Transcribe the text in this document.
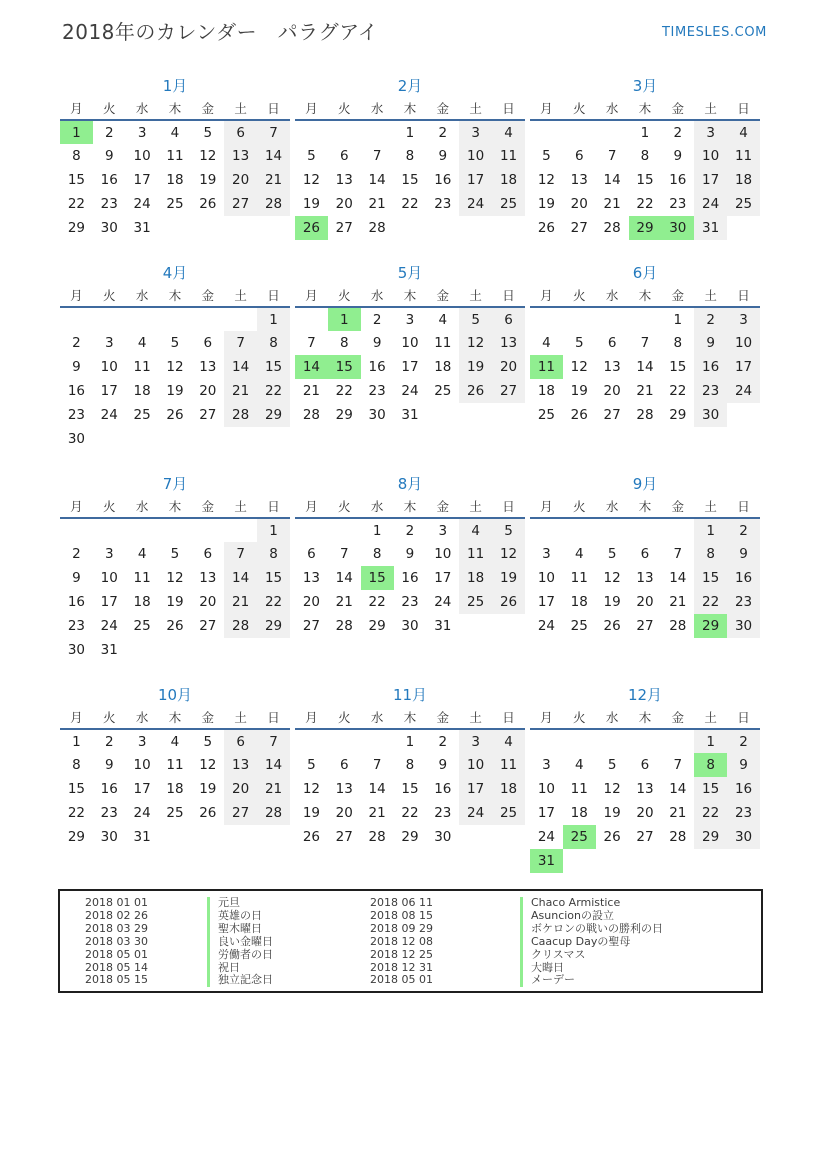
2018年のカレンダー　パラグアイ	TIMESLES.COM
1月
月	火	水	木	金	土	日
1	2	3	4	5	6	7
8	9	10	11	12	13	14
15	16	17	18	19	20	21
22	23	24	25	26	27	28
29	30	31				
2月
月	火	水	木	金	土	日
			1	2	3	4
5	6	7	8	9	10	11
12	13	14	15	16	17	18
19	20	21	22	23	24	25
26	27	28				
3月
月	火	水	木	金	土	日
			1	2	3	4
5	6	7	8	9	10	11
12	13	14	15	16	17	18
19	20	21	22	23	24	25
26	27	28	29	30	31	
4月
月	火	水	木	金	土	日
						1
2	3	4	5	6	7	8
9	10	11	12	13	14	15
16	17	18	19	20	21	22
23	24	25	26	27	28	29
30						
5月
月	火	水	木	金	土	日
	1	2	3	4	5	6
7	8	9	10	11	12	13
14	15	16	17	18	19	20
21	22	23	24	25	26	27
28	29	30	31			
6月
月	火	水	木	金	土	日
				1	2	3
4	5	6	7	8	9	10
11	12	13	14	15	16	17
18	19	20	21	22	23	24
25	26	27	28	29	30	
7月
月	火	水	木	金	土	日
						1
2	3	4	5	6	7	8
9	10	11	12	13	14	15
16	17	18	19	20	21	22
23	24	25	26	27	28	29
30	31					
8月
月	火	水	木	金	土	日
		1	2	3	4	5
6	7	8	9	10	11	12
13	14	15	16	17	18	19
20	21	22	23	24	25	26
27	28	29	30	31		
9月
月	火	水	木	金	土	日
					1	2
3	4	5	6	7	8	9
10	11	12	13	14	15	16
17	18	19	20	21	22	23
24	25	26	27	28	29	30
10月
月	火	水	木	金	土	日
1	2	3	4	5	6	7
8	9	10	11	12	13	14
15	16	17	18	19	20	21
22	23	24	25	26	27	28
29	30	31				
11月
月	火	水	木	金	土	日
			1	2	3	4
5	6	7	8	9	10	11
12	13	14	15	16	17	18
19	20	21	22	23	24	25
26	27	28	29	30		
12月
月	火	水	木	金	土	日
					1	2
3	4	5	6	7	8	9
10	11	12	13	14	15	16
17	18	19	20	21	22	23
24	25	26	27	28	29	30
31						
2018 01 01	元旦
2018 02 26	英雄の日
2018 03 29	聖木曜日
2018 03 30	良い金曜日
2018 05 01	労働者の日
2018 05 14	祝日
2018 05 15	独立記念日
2018 06 11	Chaco Armistice
2018 08 15	Asuncionの設立
2018 09 29	ボケロンの戦いの勝利の日
2018 12 08	Caacup Dayの聖母
2018 12 25	クリスマス
2018 12 31	大晦日
2018 05 01	メーデー
